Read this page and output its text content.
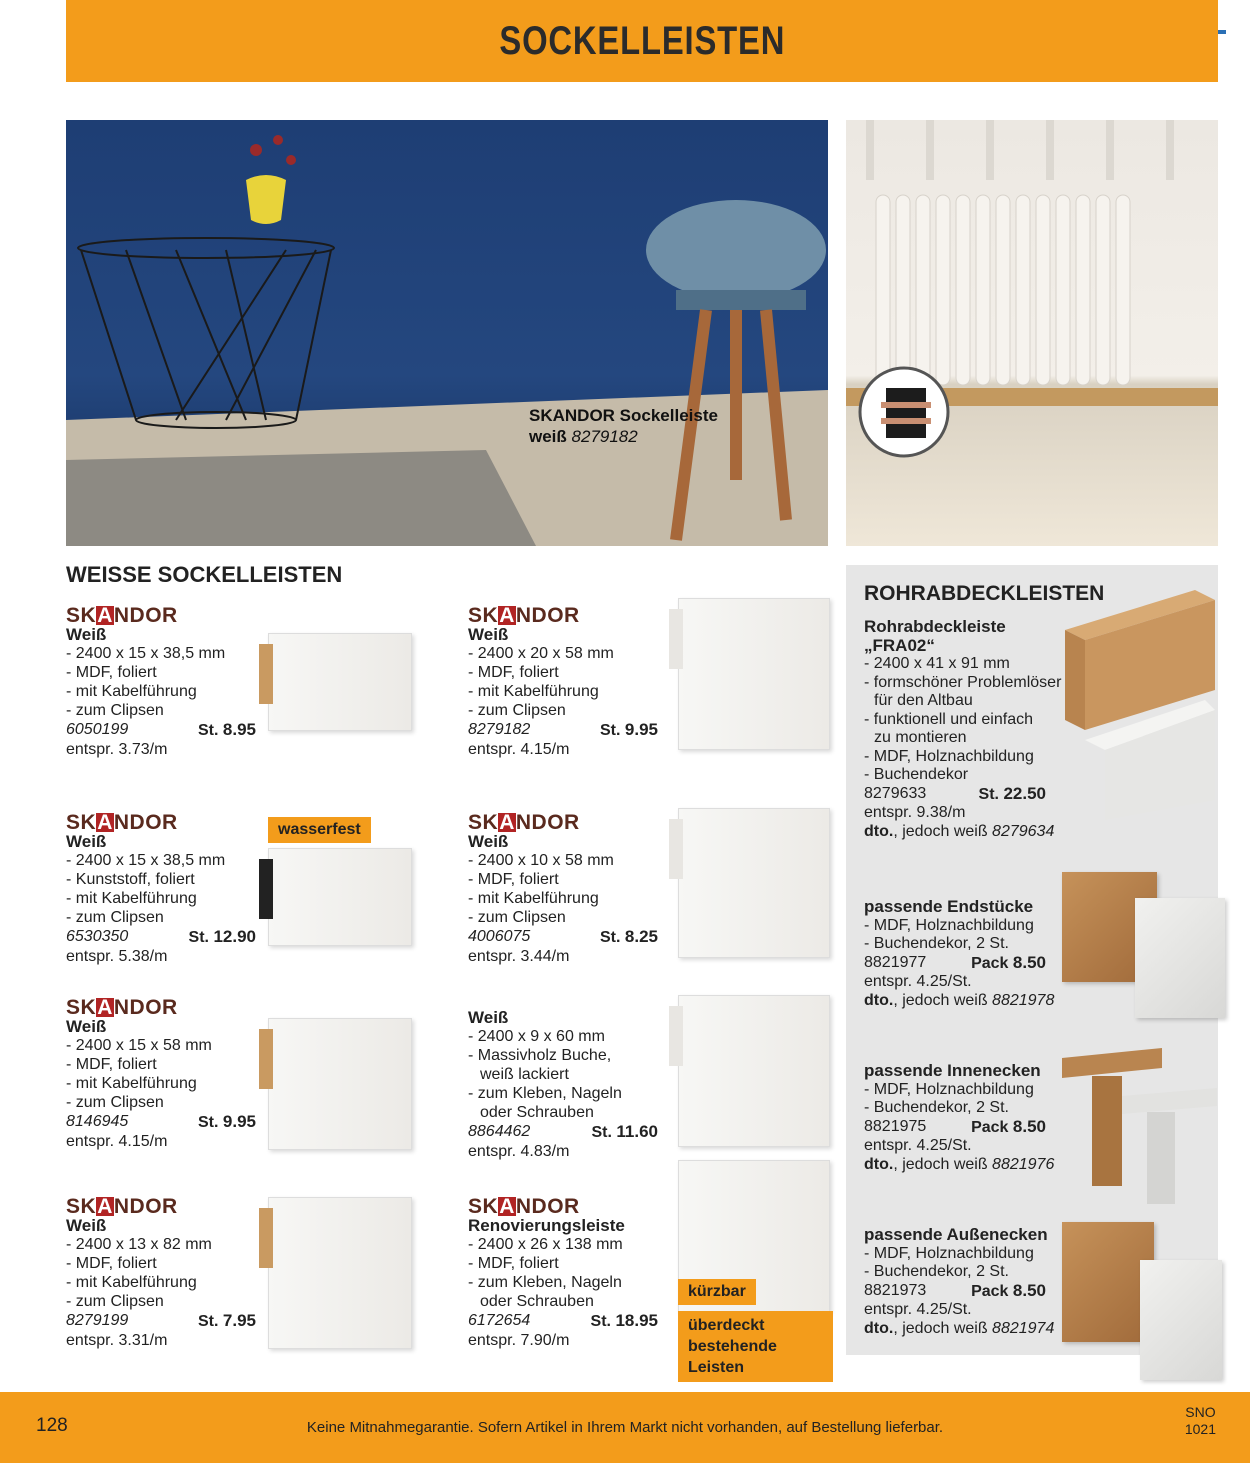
SOCKELLEISTEN
SKANDOR Sockelleiste
weiß 8279182
WEISSE SOCKELLEISTEN
SKANDOR
Weiß
- 2400 x 15 x 38,5 mm
- MDF, foliert
- mit Kabelführung
- zum Clipsen
6050199	St. 8.95
entspr. 3.73/m
SKANDOR
Weiß
- 2400 x 15 x 38,5 mm
- Kunststoff, foliert
- mit Kabelführung
- zum Clipsen
6530350	St. 12.90
entspr. 5.38/m
wasserfest
SKANDOR
Weiß
- 2400 x 15 x 58 mm
- MDF, foliert
- mit Kabelführung
- zum Clipsen
8146945	St. 9.95
entspr. 4.15/m
SKANDOR
Weiß
- 2400 x 13 x 82 mm
- MDF, foliert
- mit Kabelführung
- zum Clipsen
8279199	St. 7.95
entspr. 3.31/m
SKANDOR
Weiß
- 2400 x 20 x 58 mm
- MDF, foliert
- mit Kabelführung
- zum Clipsen
8279182	St. 9.95
entspr. 4.15/m
SKANDOR
Weiß
- 2400 x 10 x 58 mm
- MDF, foliert
- mit Kabelführung
- zum Clipsen
4006075	St. 8.25
entspr. 3.44/m
Weiß
- 2400 x 9 x 60 mm
- Massivholz Buche,
weiß lackiert
- zum Kleben, Nageln
oder Schrauben
8864462	St. 11.60
entspr. 4.83/m
SKANDOR
Renovierungsleiste
- 2400 x 26 x 138 mm
- MDF, foliert
- zum Kleben, Nageln
oder Schrauben
6172654	St. 18.95
entspr. 7.90/m
kürzbar
überdeckt
bestehende Leisten
ROHRABDECKLEISTEN
Rohrabdeckleiste
„FRA02“
- 2400 x 41 x 91 mm
- formschöner Problemlöser
für den Altbau
- funktionell und einfach
zu montieren
- MDF, Holznachbildung
- Buchendekor
8279633	St. 22.50
entspr. 9.38/m
dto., jedoch weiß 8279634
passende Endstücke
- MDF, Holznachbildung
- Buchendekor, 2 St.
8821977	Pack 8.50
entspr. 4.25/St.
dto., jedoch weiß 8821978
passende Innenecken
- MDF, Holznachbildung
- Buchendekor, 2 St.
8821975	Pack 8.50
entspr. 4.25/St.
dto., jedoch weiß 8821976
passende Außenecken
- MDF, Holznachbildung
- Buchendekor, 2 St.
8821973	Pack 8.50
entspr. 4.25/St.
dto., jedoch weiß 8821974
128	Keine Mitnahmegarantie. Sofern Artikel in Ihrem Markt nicht vorhanden, auf Bestellung lieferbar.
SNO
1021
